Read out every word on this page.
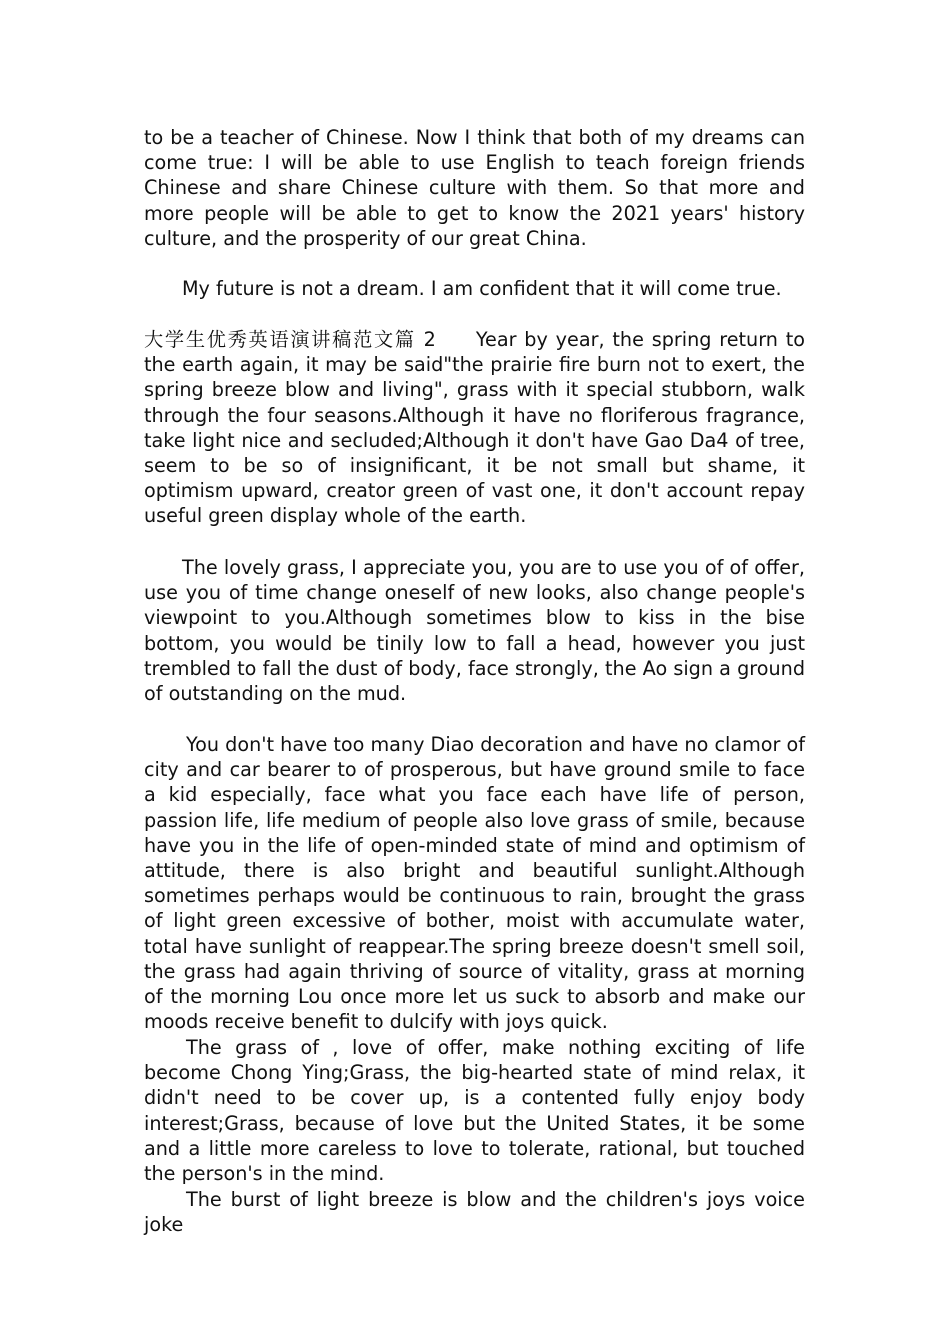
to be a teacher of Chinese. Now I think that both of my dreams can come true: I will be able to use English to teach foreign friends Chinese and share Chinese culture with them. So that more and more people will be able to get to know the 2021 years' history culture, and the prosperity of our great China.

My future is not a dream. I am confident that it will come true.

大学生优秀英语演讲稿范文篇 2 Year by year, the spring return to the earth again, it may be said"the prairie fire burn not to exert, the spring breeze blow and living", grass with it special stubborn, walk through the four seasons.Although it have no floriferous fragrance, take light nice and secluded;Although it don't have Gao Da4 of tree, seem to be so of insignificant, it be not small but shame, it optimism upward, creator green of vast one, it don't account repay useful green display whole of the earth.

The lovely grass, I appreciate you, you are to use you of of offer, use you of time change oneself of new looks, also change people's viewpoint to you.Although sometimes blow to kiss in the bise bottom, you would be tinily low to fall a head, however you just trembled to fall the dust of body, face strongly, the Ao sign a ground of outstanding on the mud.

You don't have too many Diao decoration and have no clamor of city and car bearer to of prosperous, but have ground smile to face a kid especially, face what you face each have life of person, passion life, life medium of people also love grass of smile, because have you in the life of open-minded state of mind and optimism of attitude, there is also bright and beautiful sunlight.Although sometimes perhaps would be continuous to rain, brought the grass of light green excessive of bother, moist with accumulate water, total have sunlight of reappear.The spring breeze doesn't smell soil, the grass had again thriving of source of vitality, grass at morning of the morning Lou once more let us suck to absorb and make our moods receive benefit to dulcify with joys quick.

The grass of , love of offer, make nothing exciting of life become Chong Ying;Grass, the big-hearted state of mind relax, it didn't need to be cover up, is a contented fully enjoy body interest;Grass, because of love but the United States, it be some and a little more careless to love to tolerate, rational, but touched the person's in the mind.

The burst of light breeze is blow and the children's joys voice joke
